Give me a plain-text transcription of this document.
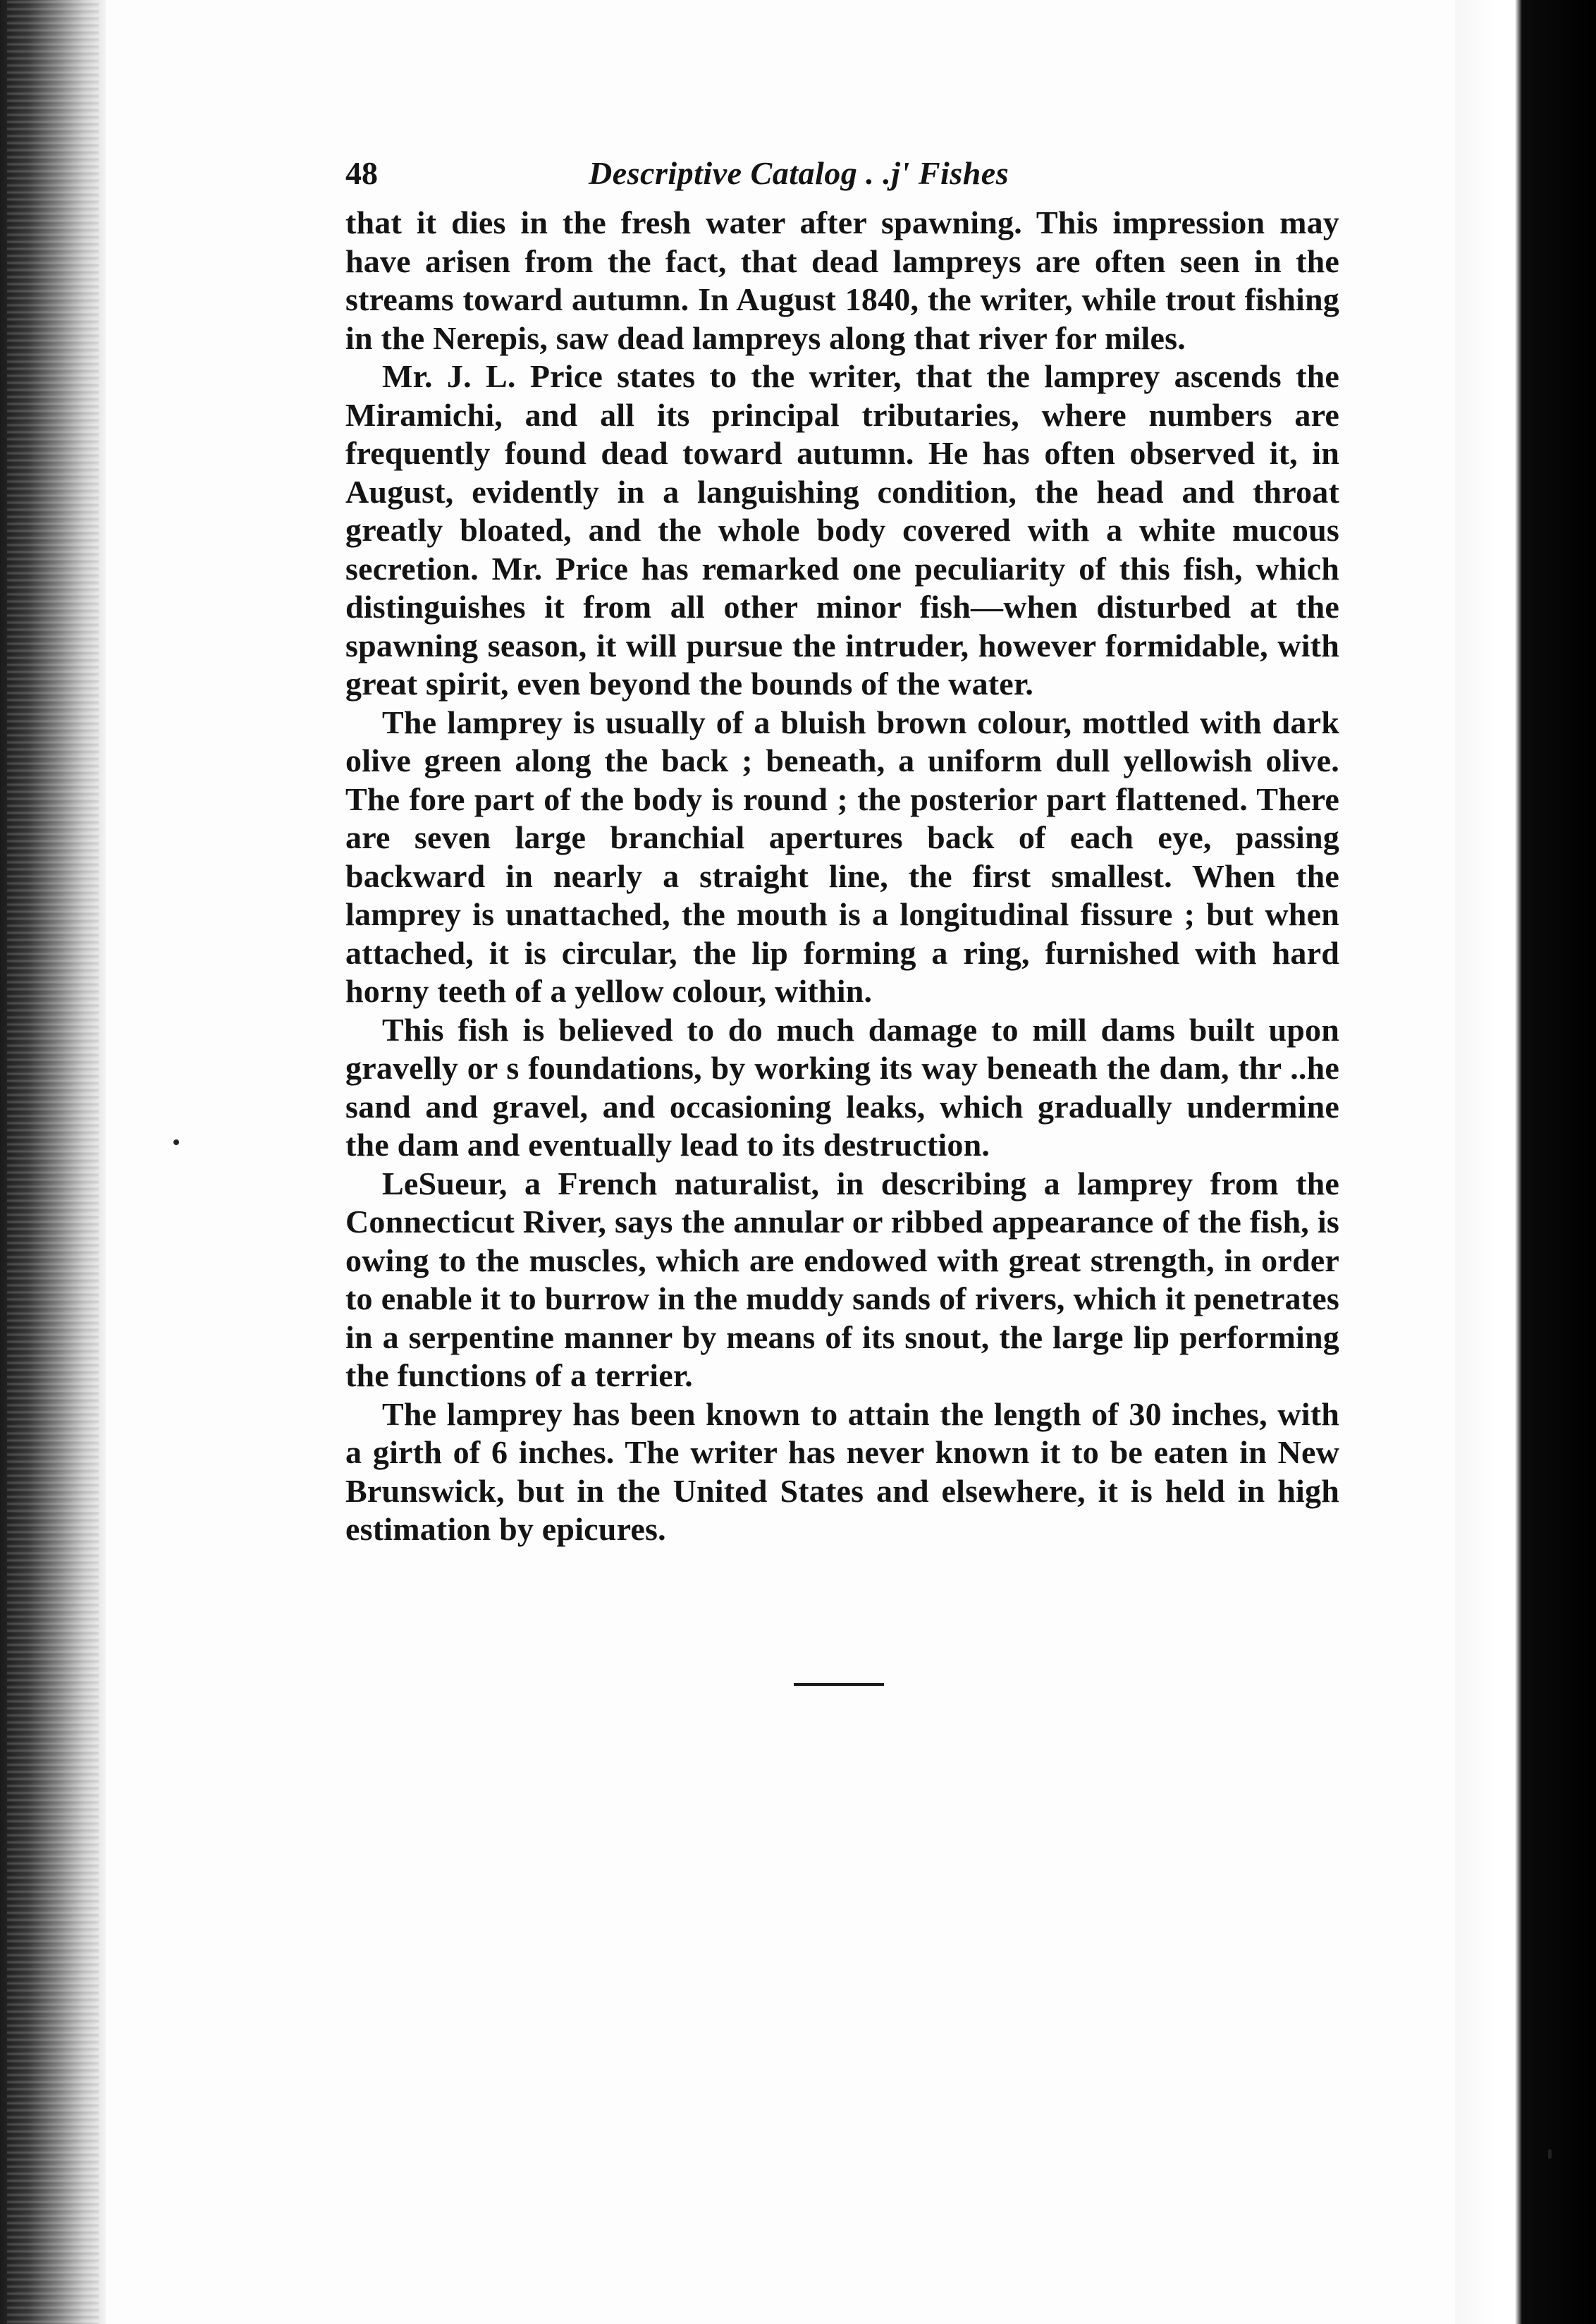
48	Descriptive Catalog . .j' Fishes

that it dies in the fresh water after spawning. This impression may have arisen from the fact, that dead lampreys are often seen in the streams toward autumn. In August 1840, the writer, while trout fishing in the Nerepis, saw dead lampreys along that river for miles.

Mr. J. L. Price states to the writer, that the lamprey ascends the Miramichi, and all its principal tributaries, where numbers are frequently found dead toward autumn. He has often observed it, in August, evidently in a languishing condition, the head and throat greatly bloated, and the whole body covered with a white mucous secretion. Mr. Price has remarked one peculiarity of this fish, which distinguishes it from all other minor fish—when disturbed at the spawning season, it will pursue the intruder, however formidable, with great spirit, even beyond the bounds of the water.

The lamprey is usually of a bluish brown colour, mottled with dark olive green along the back ; beneath, a uniform dull yellowish olive. The fore part of the body is round ; the posterior part flattened. There are seven large branchial apertures back of each eye, passing backward in nearly a straight line, the first smallest. When the lamprey is unattached, the mouth is a longitudinal fissure ; but when attached, it is circular, the lip forming a ring, furnished with hard horny teeth of a yellow colour, within.

This fish is believed to do much damage to mill dams built upon gravelly or s foundations, by working its way beneath the dam, thr ..he sand and gravel, and occasioning leaks, which gradually undermine the dam and eventually lead to its destruction.

LeSueur, a French naturalist, in describing a lamprey from the Connecticut River, says the annular or ribbed appearance of the fish, is owing to the muscles, which are endowed with great strength, in order to enable it to burrow in the muddy sands of rivers, which it penetrates in a serpentine manner by means of its snout, the large lip performing the functions of a terrier.

The lamprey has been known to attain the length of 30 inches, with a girth of 6 inches. The writer has never known it to be eaten in New Brunswick, but in the United States and elsewhere, it is held in high estimation by epicures.
